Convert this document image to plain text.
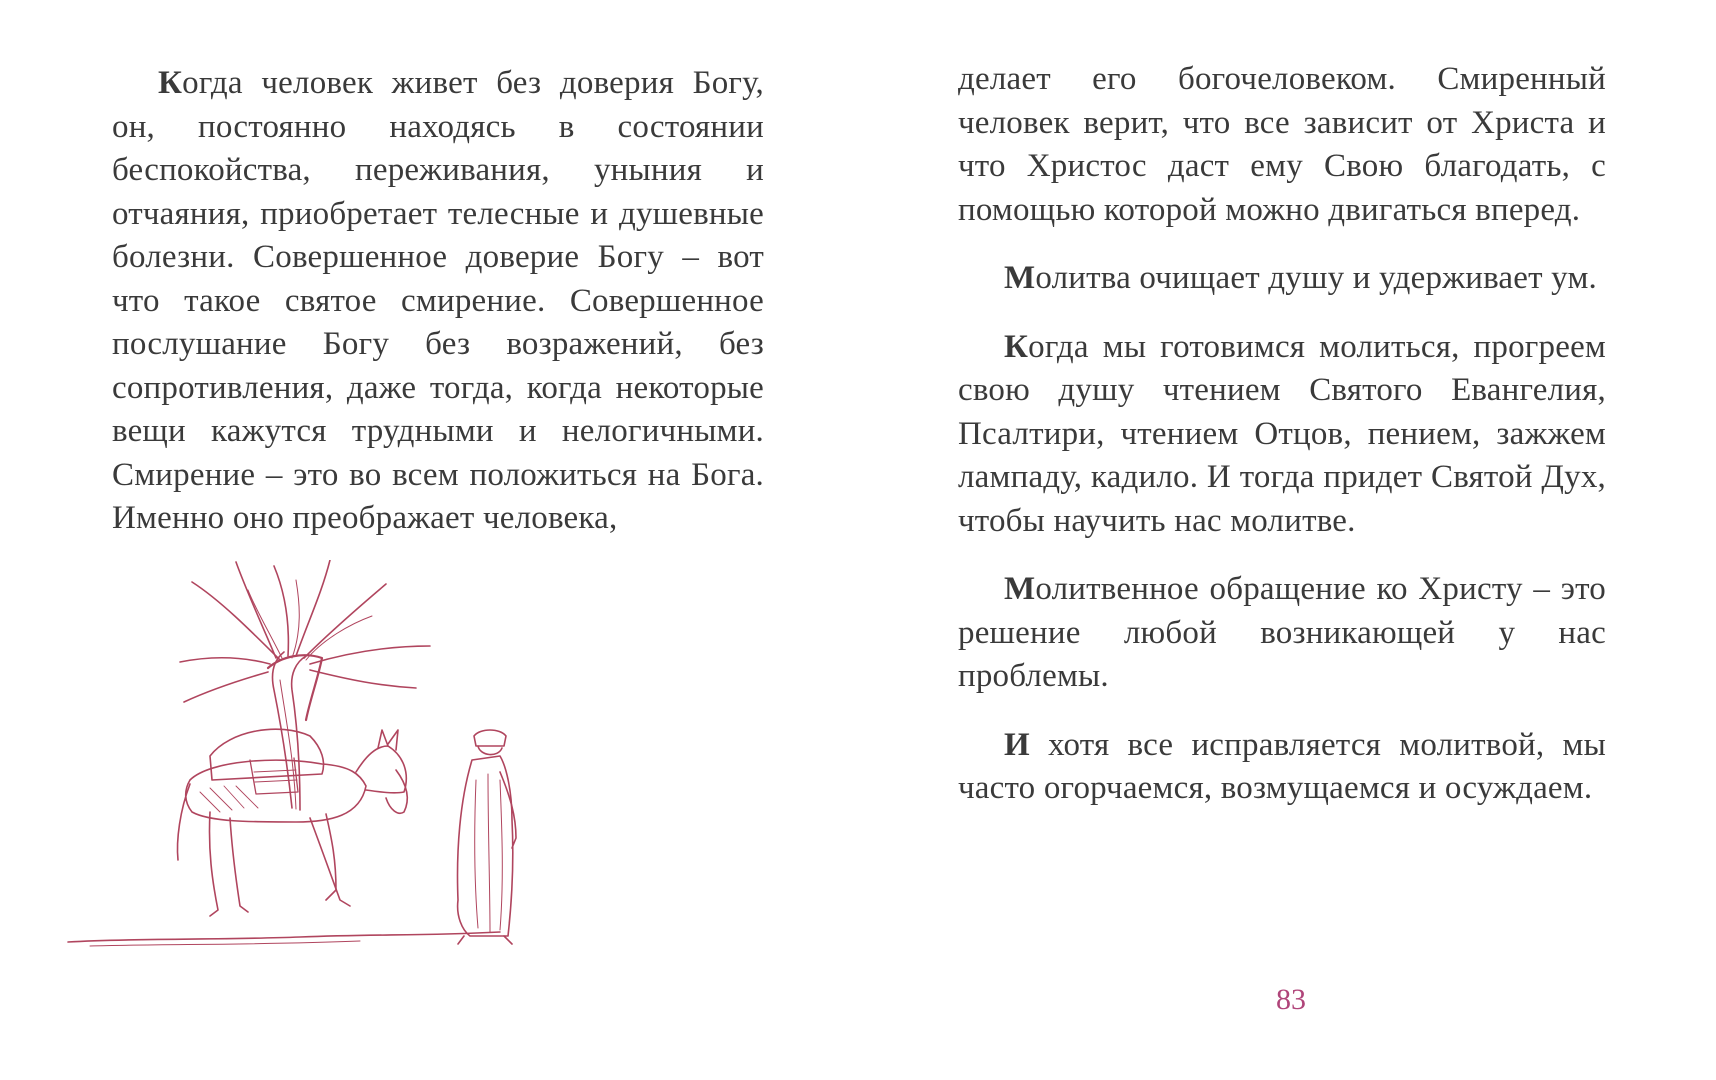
Когда человек живет без доверия Богу, он, постоянно находясь в состоянии беспокойства, переживания, уныния и отчаяния, приобретает телесные и душевные болезни. Совершенное доверие Богу – вот что такое святое смирение. Совершенное послушание Богу без возражений, без сопротивления, даже тогда, когда некоторые вещи кажутся трудными и нелогичными. Смирение – это во всем положиться на Бога. Именно оно преображает человека,

делает его богочеловеком. Смиренный человек верит, что все зависит от Христа и что Христос даст ему Свою благодать, с помощью которой можно двигаться вперед.

Молитва очищает душу и удерживает ум.

Когда мы готовимся молиться, прогреем свою душу чтением Святого Евангелия, Псалтири, чтением Отцов, пением, зажжем лампаду, кадило. И тогда придет Святой Дух, чтобы научить нас молитве.

Молитвенное обращение ко Христу – это решение любой возникающей у нас проблемы.

И хотя все исправляется молитвой, мы часто огорчаемся, возмущаемся и осуждаем.

83
